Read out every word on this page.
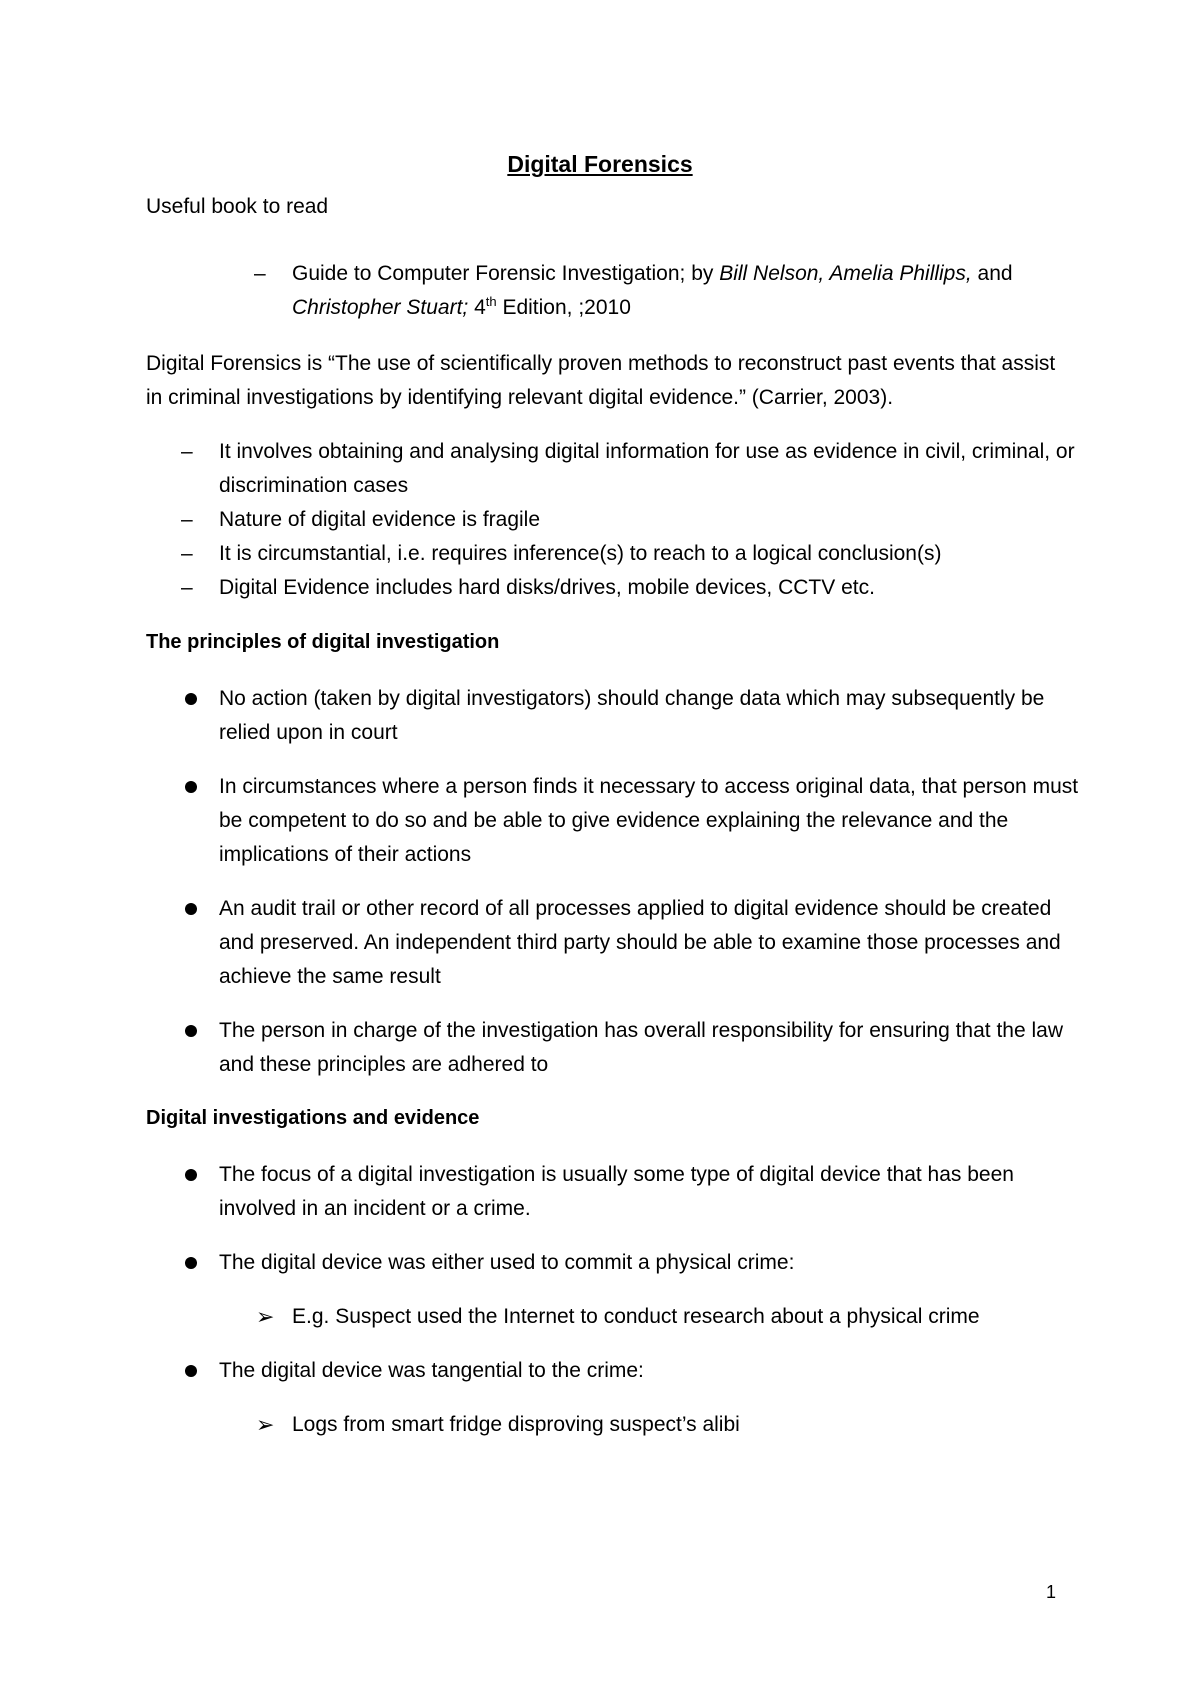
Digital Forensics

Useful book to read

– Guide to Computer Forensic Investigation; by Bill Nelson, Amelia Phillips, and
Christopher Stuart; 4th Edition, ;2010

Digital Forensics is “The use of scientifically proven methods to reconstruct past events that assist in criminal investigations by identifying relevant digital evidence.” (Carrier, 2003).

– It involves obtaining and analysing digital information for use as evidence in civil, criminal, or discrimination cases
– Nature of digital evidence is fragile
– It is circumstantial, i.e. requires inference(s) to reach to a logical conclusion(s)
– Digital Evidence includes hard disks/drives, mobile devices, CCTV etc.

The principles of digital investigation

No action (taken by digital investigators) should change data which may subsequently be relied upon in court
In circumstances where a person finds it necessary to access original data, that person must be competent to do so and be able to give evidence explaining the relevance and the implications of their actions
An audit trail or other record of all processes applied to digital evidence should be created and preserved. An independent third party should be able to examine those processes and achieve the same result
The person in charge of the investigation has overall responsibility for ensuring that the law and these principles are adhered to

Digital investigations and evidence

The focus of a digital investigation is usually some type of digital device that has been involved in an incident or a crime.
The digital device was either used to commit a physical crime:
➢ E.g. Suspect used the Internet to conduct research about a physical crime
The digital device was tangential to the crime:
➢ Logs from smart fridge disproving suspect’s alibi

1
